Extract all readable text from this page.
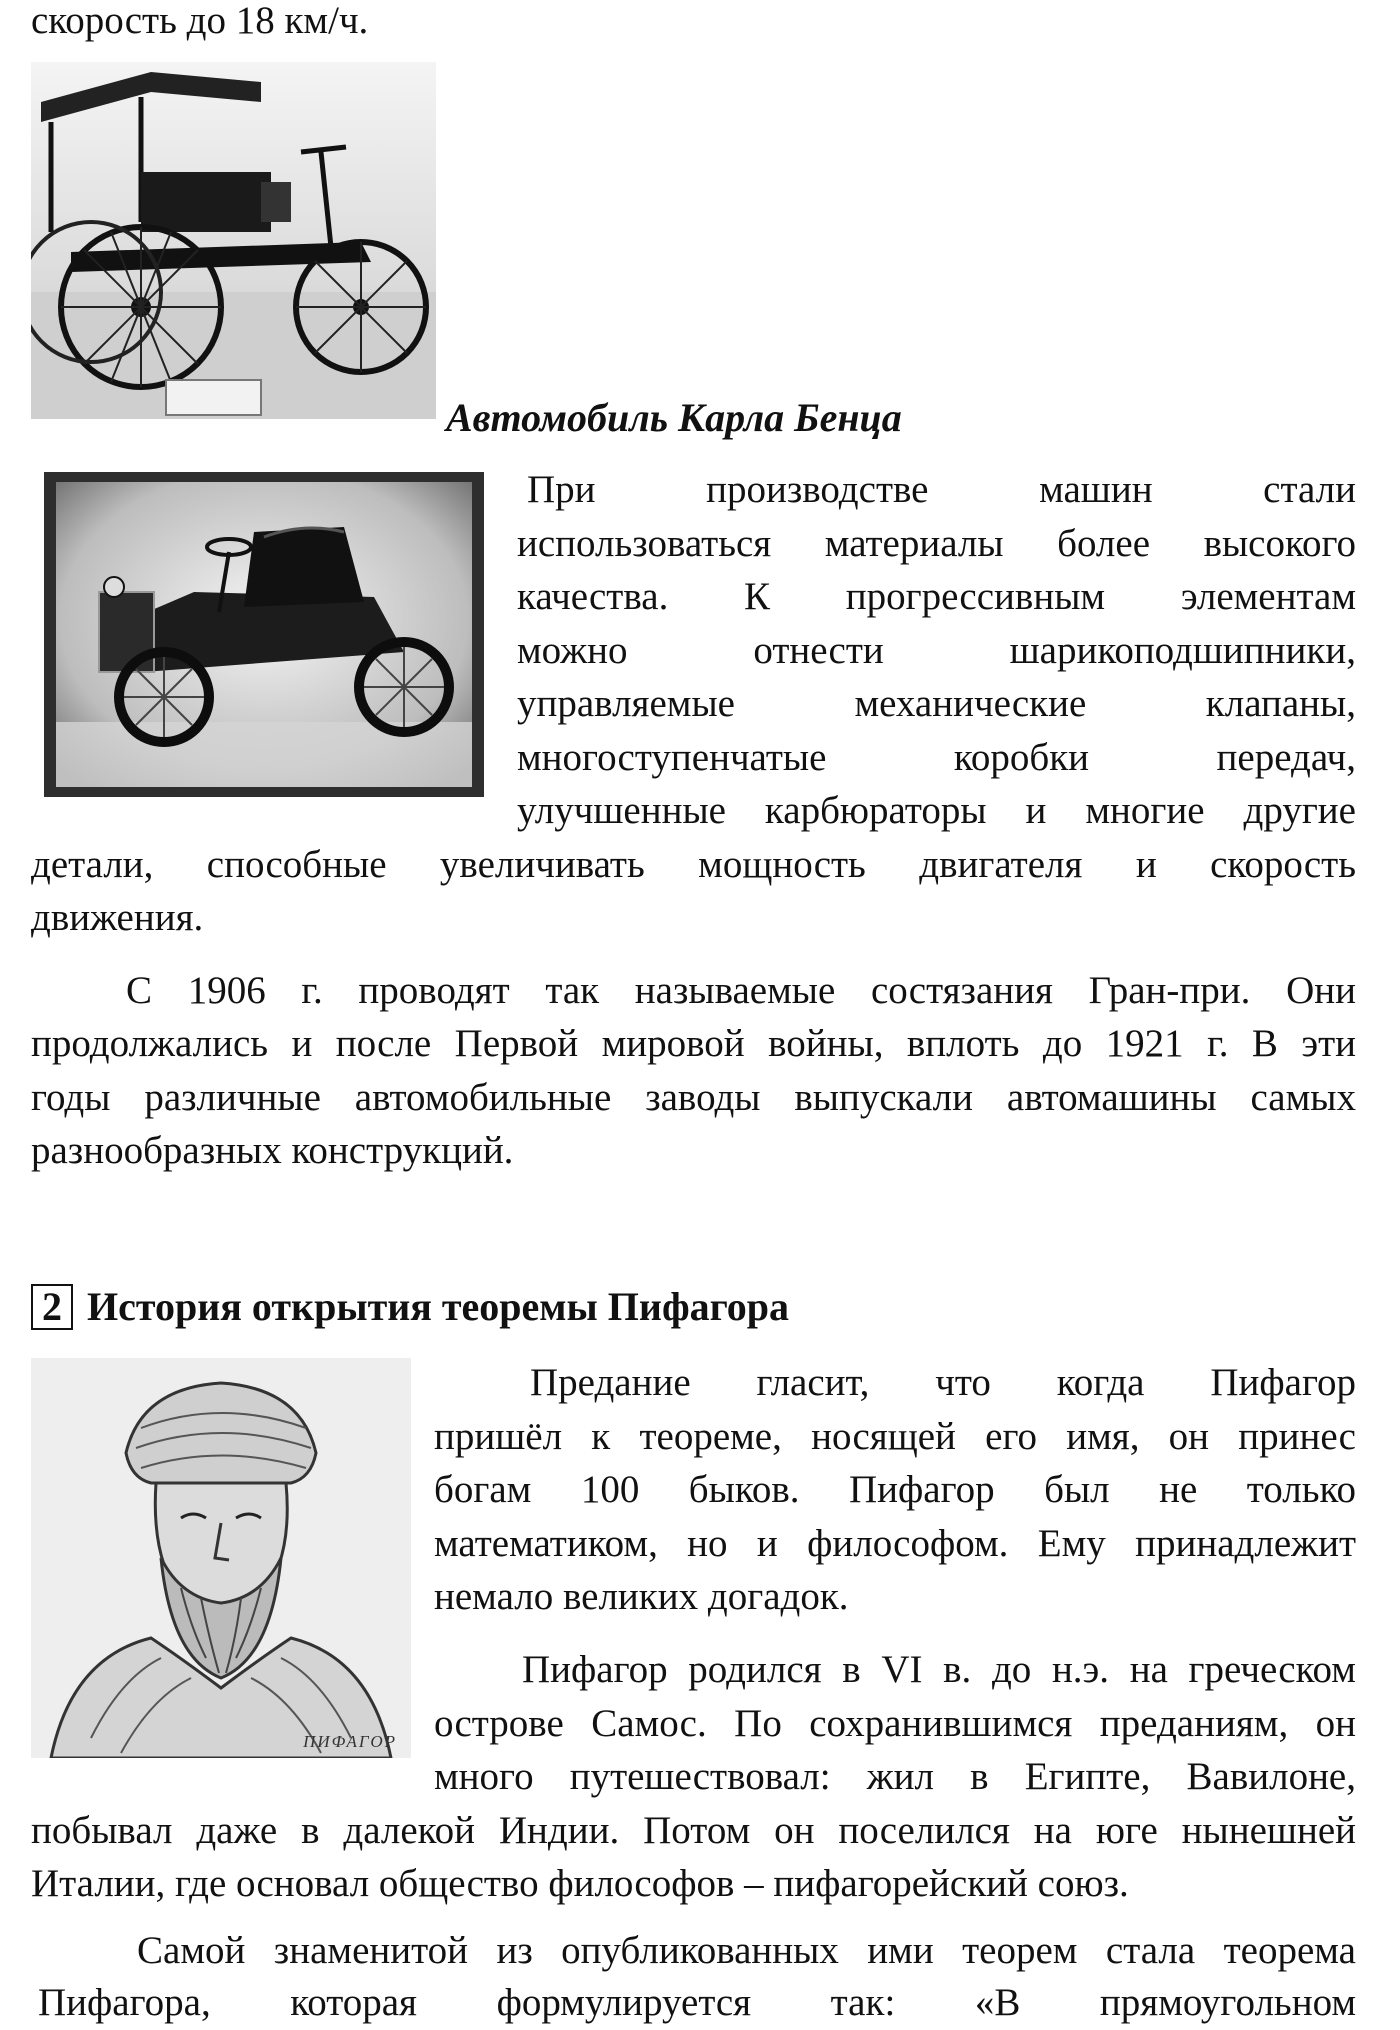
скорость до 18 км/ч.
Автомобиль Карла Бенца
При производстве машин стали
использоваться материалы более высокого
качества. К прогрессивным элементам
можно отнести шарикоподшипники,
управляемые механические клапаны,
многоступенчатые коробки передач,
улучшенные карбюраторы и многие другие
детали, способные увеличивать мощность двигателя и скорость
движения.
С 1906 г. проводят так называемые состязания Гран-при. Они
продолжались и после Первой мировой войны, вплоть до 1921 г. В эти
годы различные автомобильные заводы выпускали автомашины самых
разнообразных конструкций.
2 История открытия теоремы Пифагора
ПИФАГОР
Предание гласит, что когда Пифагор
пришёл к теореме, носящей его имя, он принес
богам 100 быков. Пифагор был не только
математиком, но и философом. Ему принадлежит
немало великих догадок.
Пифагор родился в VI в. до н.э. на греческом
острове Самос. По сохранившимся преданиям, он
много путешествовал: жил в Египте, Вавилоне,
побывал даже в далекой Индии. Потом он поселился на юге нынешней
Италии, где основал общество философов – пифагорейский союз.
Самой знаменитой из опубликованных ими теорем стала теорема
Пифагора, которая формулируется так: «В прямоугольном
